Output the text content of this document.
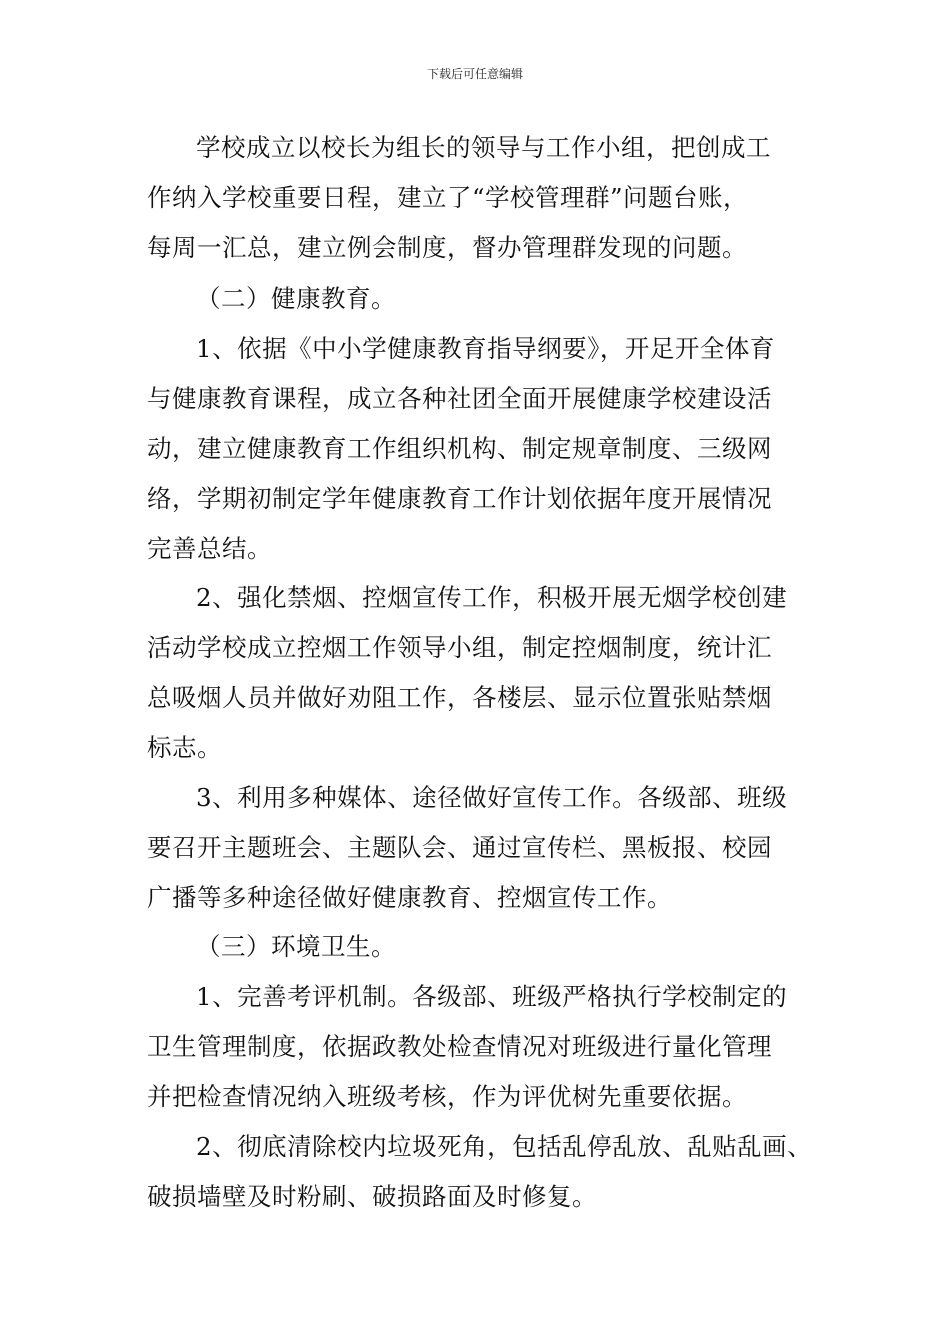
下载后可任意编辑
学校成立以校长为组长的领导与工作小组，把创成工
作纳入学校重要日程，建立了“学校管理群”问题台账，
每周一汇总，建立例会制度，督办管理群发现的问题。
（二）健康教育。
1、依据《中小学健康教育指导纲要》，开足开全体育
与健康教育课程，成立各种社团全面开展健康学校建设活
动，建立健康教育工作组织机构、制定规章制度、三级网
络，学期初制定学年健康教育工作计划依据年度开展情况
完善总结。
2、强化禁烟、控烟宣传工作，积极开展无烟学校创建
活动学校成立控烟工作领导小组，制定控烟制度，统计汇
总吸烟人员并做好劝阻工作，各楼层、显示位置张贴禁烟
标志。
3、利用多种媒体、途径做好宣传工作。各级部、班级
要召开主题班会、主题队会、通过宣传栏、黑板报、校园
广播等多种途径做好健康教育、控烟宣传工作。
（三）环境卫生。
1、完善考评机制。各级部、班级严格执行学校制定的
卫生管理制度，依据政教处检查情况对班级进行量化管理
并把检查情况纳入班级考核，作为评优树先重要依据。
2、彻底清除校内垃圾死角，包括乱停乱放、乱贴乱画、
破损墙壁及时粉刷、破损路面及时修复。
